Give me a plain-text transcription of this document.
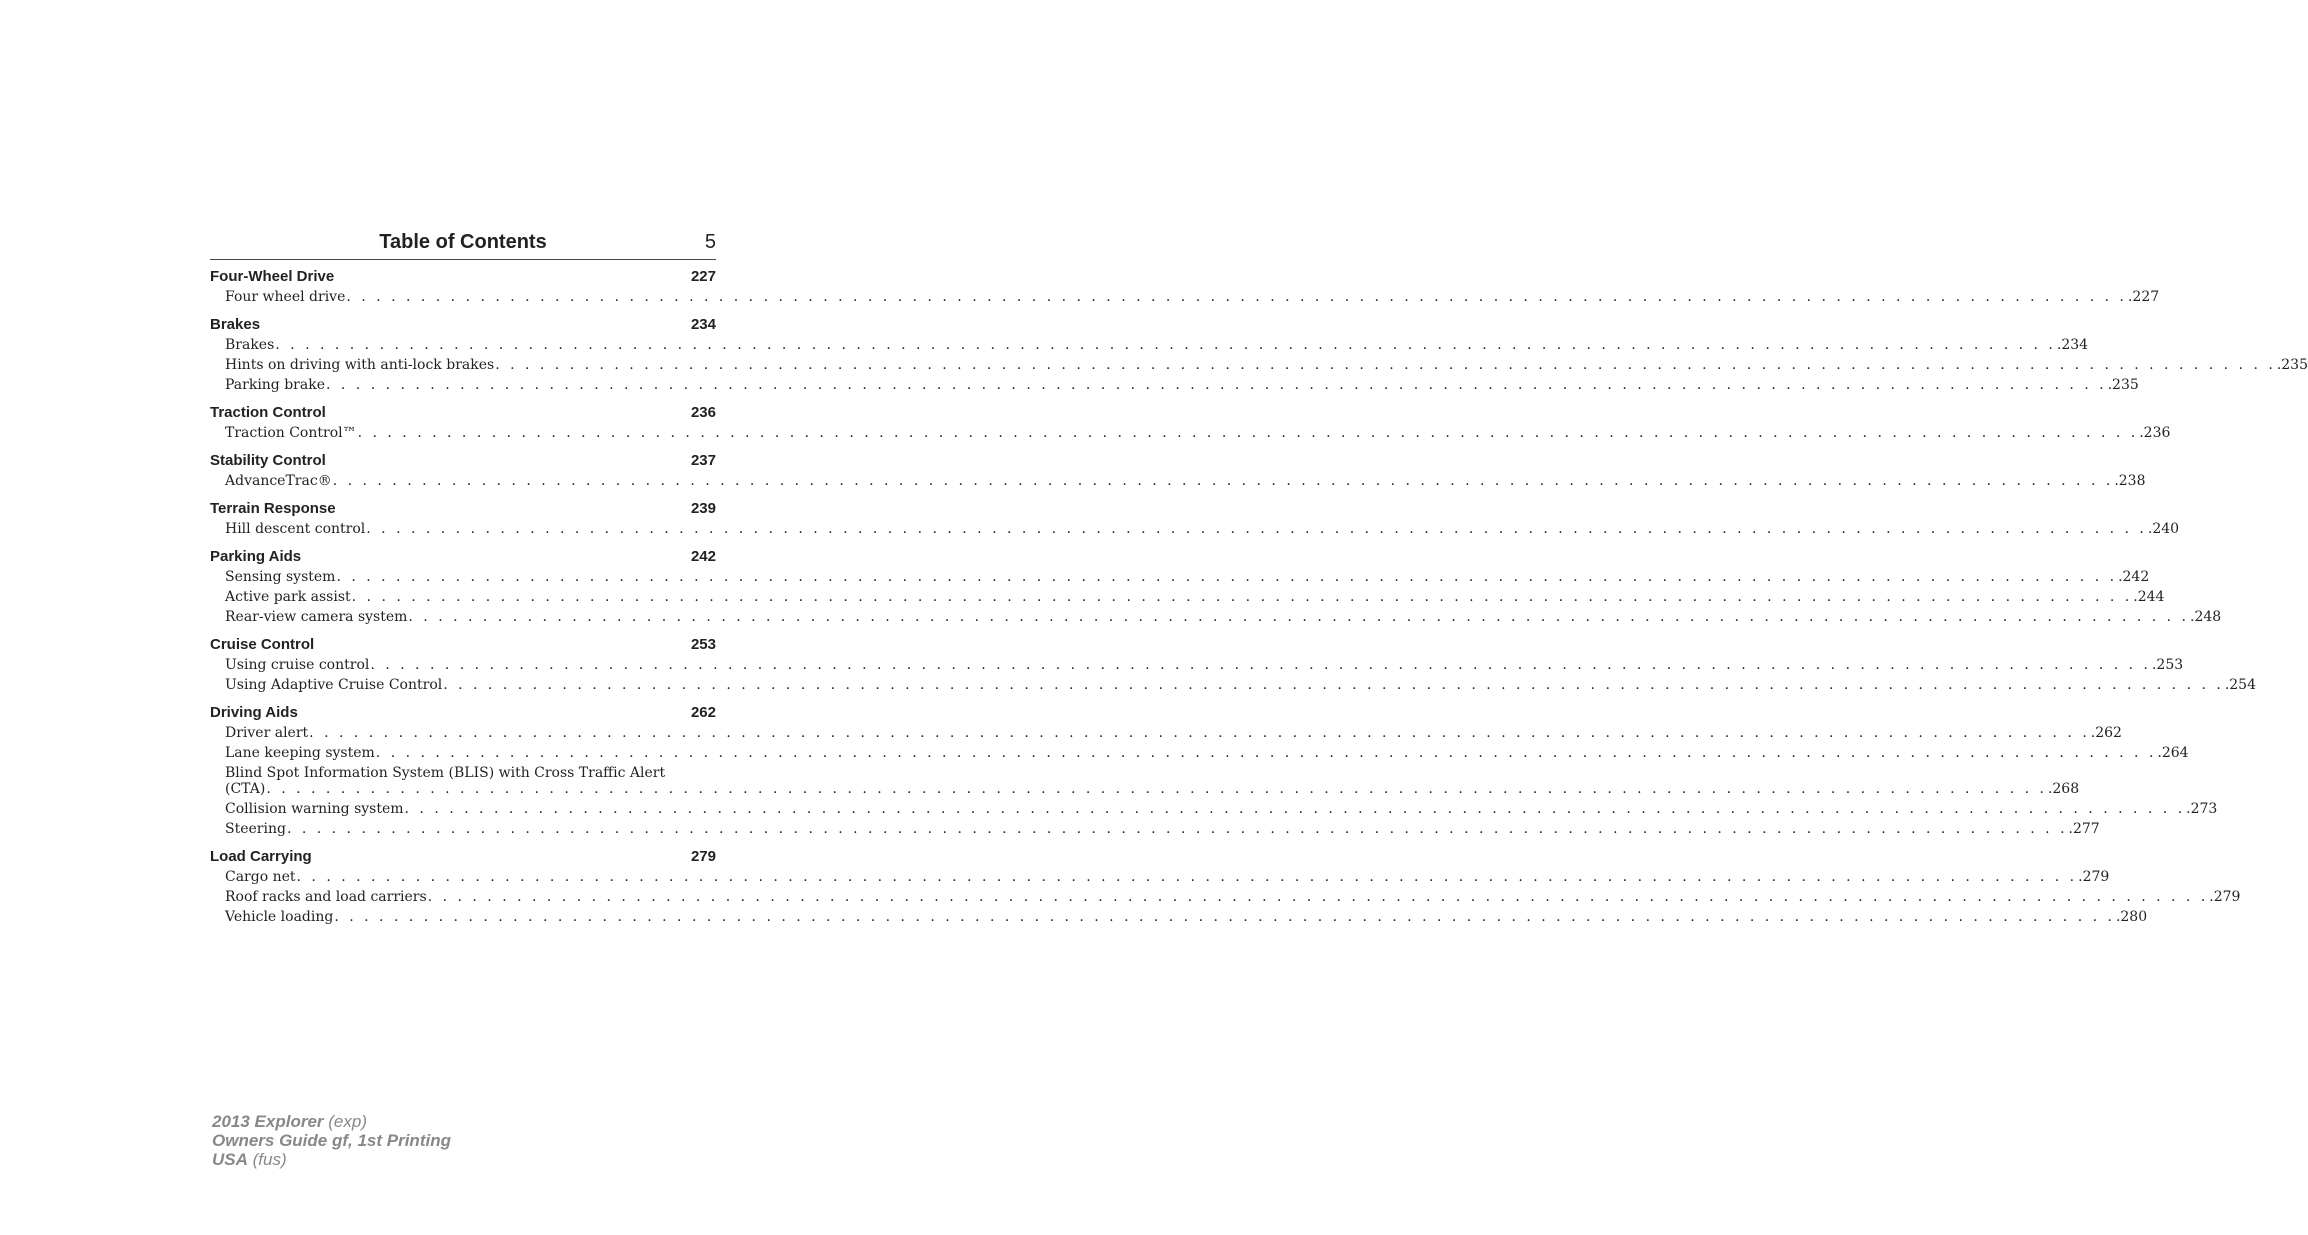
Table of Contents	5
Four-Wheel Drive	227
Four wheel drive . . . . . . . . . . . . . . . . . . . . . . . . . . . . . . . . . . . . . . . . . . . . . . . . . . . . . . . . . . . . . . . . . . . . . . . . . . . . . . . . . . . . . . . . . . . . . . . . . . . . . . . . . . . . . . . . . . . . . . . . .227
Brakes	234
Brakes . . . . . . . . . . . . . . . . . . . . . . . . . . . . . . . . . . . . . . . . . . . . . . . . . . . . . . . . . . . . . . . . . . . . . . . . . . . . . . . . . . . . . . . . . . . . . . . . . . . . . . . . . . . . . . . . . . . . . . . . .234
Hints on driving with anti-lock brakes . . . . . . . . . . . . . . . . . . . . . . . . . . . . . . . . . . . . . . . . . . . . . . . . . . . . . . . . . . . . . . . . . . . . . . . . . . . . . . . . . . . . . . . . . . . . . . . . . . . . . . . . . . . . . . . . . . . . . . . . .235
Parking brake . . . . . . . . . . . . . . . . . . . . . . . . . . . . . . . . . . . . . . . . . . . . . . . . . . . . . . . . . . . . . . . . . . . . . . . . . . . . . . . . . . . . . . . . . . . . . . . . . . . . . . . . . . . . . . . . . . . . . . . . .235
Traction Control	236
Traction Control™ . . . . . . . . . . . . . . . . . . . . . . . . . . . . . . . . . . . . . . . . . . . . . . . . . . . . . . . . . . . . . . . . . . . . . . . . . . . . . . . . . . . . . . . . . . . . . . . . . . . . . . . . . . . . . . . . . . . . . . . . .236
Stability Control	237
AdvanceTrac® . . . . . . . . . . . . . . . . . . . . . . . . . . . . . . . . . . . . . . . . . . . . . . . . . . . . . . . . . . . . . . . . . . . . . . . . . . . . . . . . . . . . . . . . . . . . . . . . . . . . . . . . . . . . . . . . . . . . . . . . .238
Terrain Response	239
Hill descent control . . . . . . . . . . . . . . . . . . . . . . . . . . . . . . . . . . . . . . . . . . . . . . . . . . . . . . . . . . . . . . . . . . . . . . . . . . . . . . . . . . . . . . . . . . . . . . . . . . . . . . . . . . . . . . . . . . . . . . . . .240
Parking Aids	242
Sensing system . . . . . . . . . . . . . . . . . . . . . . . . . . . . . . . . . . . . . . . . . . . . . . . . . . . . . . . . . . . . . . . . . . . . . . . . . . . . . . . . . . . . . . . . . . . . . . . . . . . . . . . . . . . . . . . . . . . . . . . . .242
Active park assist . . . . . . . . . . . . . . . . . . . . . . . . . . . . . . . . . . . . . . . . . . . . . . . . . . . . . . . . . . . . . . . . . . . . . . . . . . . . . . . . . . . . . . . . . . . . . . . . . . . . . . . . . . . . . . . . . . . . . . . . .244
Rear-view camera system . . . . . . . . . . . . . . . . . . . . . . . . . . . . . . . . . . . . . . . . . . . . . . . . . . . . . . . . . . . . . . . . . . . . . . . . . . . . . . . . . . . . . . . . . . . . . . . . . . . . . . . . . . . . . . . . . . . . . . . . .248
Cruise Control	253
Using cruise control . . . . . . . . . . . . . . . . . . . . . . . . . . . . . . . . . . . . . . . . . . . . . . . . . . . . . . . . . . . . . . . . . . . . . . . . . . . . . . . . . . . . . . . . . . . . . . . . . . . . . . . . . . . . . . . . . . . . . . . . .253
Using Adaptive Cruise Control . . . . . . . . . . . . . . . . . . . . . . . . . . . . . . . . . . . . . . . . . . . . . . . . . . . . . . . . . . . . . . . . . . . . . . . . . . . . . . . . . . . . . . . . . . . . . . . . . . . . . . . . . . . . . . . . . . . . . . . . .254
Driving Aids	262
Driver alert . . . . . . . . . . . . . . . . . . . . . . . . . . . . . . . . . . . . . . . . . . . . . . . . . . . . . . . . . . . . . . . . . . . . . . . . . . . . . . . . . . . . . . . . . . . . . . . . . . . . . . . . . . . . . . . . . . . . . . . . .262
Lane keeping system . . . . . . . . . . . . . . . . . . . . . . . . . . . . . . . . . . . . . . . . . . . . . . . . . . . . . . . . . . . . . . . . . . . . . . . . . . . . . . . . . . . . . . . . . . . . . . . . . . . . . . . . . . . . . . . . . . . . . . . . .264
Blind Spot Information System (BLIS) with Cross Traffic Alert
(CTA) . . . . . . . . . . . . . . . . . . . . . . . . . . . . . . . . . . . . . . . . . . . . . . . . . . . . . . . . . . . . . . . . . . . . . . . . . . . . . . . . . . . . . . . . . . . . . . . . . . . . . . . . . . . . . . . . . . . . . . . . .268
Collision warning system . . . . . . . . . . . . . . . . . . . . . . . . . . . . . . . . . . . . . . . . . . . . . . . . . . . . . . . . . . . . . . . . . . . . . . . . . . . . . . . . . . . . . . . . . . . . . . . . . . . . . . . . . . . . . . . . . . . . . . . . .273
Steering . . . . . . . . . . . . . . . . . . . . . . . . . . . . . . . . . . . . . . . . . . . . . . . . . . . . . . . . . . . . . . . . . . . . . . . . . . . . . . . . . . . . . . . . . . . . . . . . . . . . . . . . . . . . . . . . . . . . . . . . .277
Load Carrying	279
Cargo net . . . . . . . . . . . . . . . . . . . . . . . . . . . . . . . . . . . . . . . . . . . . . . . . . . . . . . . . . . . . . . . . . . . . . . . . . . . . . . . . . . . . . . . . . . . . . . . . . . . . . . . . . . . . . . . . . . . . . . . . .279
Roof racks and load carriers . . . . . . . . . . . . . . . . . . . . . . . . . . . . . . . . . . . . . . . . . . . . . . . . . . . . . . . . . . . . . . . . . . . . . . . . . . . . . . . . . . . . . . . . . . . . . . . . . . . . . . . . . . . . . . . . . . . . . . . . .279
Vehicle loading . . . . . . . . . . . . . . . . . . . . . . . . . . . . . . . . . . . . . . . . . . . . . . . . . . . . . . . . . . . . . . . . . . . . . . . . . . . . . . . . . . . . . . . . . . . . . . . . . . . . . . . . . . . . . . . . . . . . . . . . .280
2013 Explorer (exp)
Owners Guide gf, 1st Printing
USA (fus)
